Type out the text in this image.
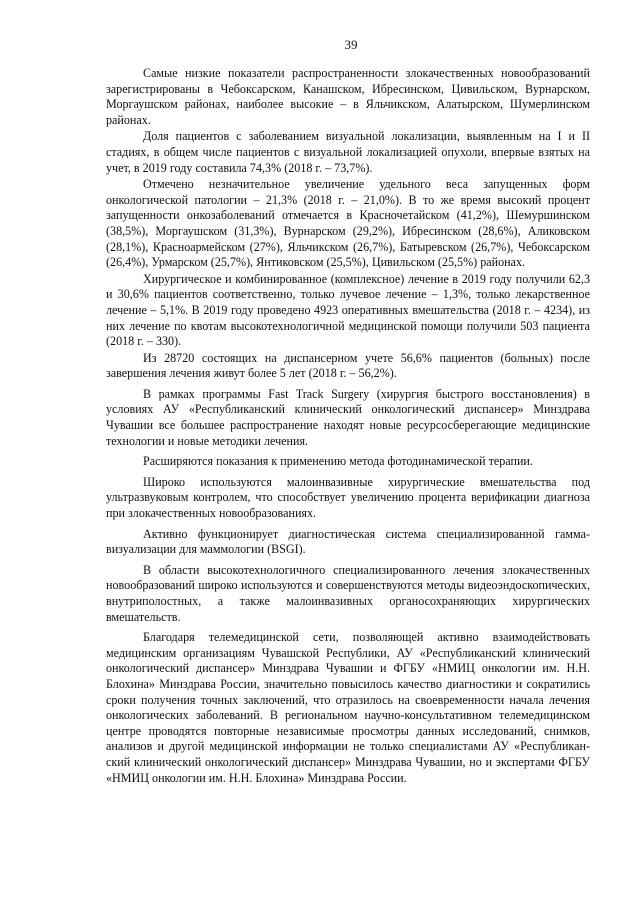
39

Самые низкие показатели распространенности злокачественных новообразований зарегистрированы в Чебоксарском, Канашском, Ибресинском, Цивильском, Вурнарском, Моргаушском районах, наиболее высокие – в Яльчикском, Алатырском, Шумерлинском районах.

Доля пациентов с заболеванием визуальной локализации, выявленным на I и II стадиях, в общем числе пациентов с визуальной локализацией опухоли, впервые взятых на учет, в 2019 году составила 74,3% (2018 г. – 73,7%).

Отмечено незначительное увеличение удельного веса запущенных форм онкологической патологии – 21,3% (2018 г. – 21,0%). В то же время высокий процент запущенности онкозаболеваний отмечается в Красночетайском (41,2%), Шемуршинском (38,5%), Моргаушском (31,3%), Вурнарском (29,2%), Ибресинском (28,6%), Аликовском (28,1%), Красноармейском (27%), Яльчикском (26,7%), Батыревском (26,7%), Чебоксарском (26,4%), Урмарском (25,7%), Янтиковском (25,5%), Цивильском (25,5%) районах.

Хирургическое и комбинированное (комплексное) лечение в 2019 году получили 62,3 и 30,6% пациентов соответственно, только лучевое лечение – 1,3%, только лекарственное лечение – 5,1%. В 2019 году проведено 4923 оперативных вмешательства (2018 г. – 4234), из них лечение по квотам высокотехнологичной медицинской помощи получили 503 пациента (2018 г. – 330).

Из 28720 состоящих на диспансерном учете 56,6% пациентов (больных) после завершения лечения живут более 5 лет (2018 г. – 56,2%).

В рамках программы Fast Track Surgery (хирургия быстрого восстановления) в условиях АУ «Республиканский клинический онкологический диспансер» Минздрава Чувашии все большее распространение находят новые ресурсосберегающие медицинские технологии и новые методики лечения.

Расширяются показания к применению метода фотодинамической терапии.

Широко используются малоинвазивные хирургические вмешательства под ультразвуковым контролем, что способствует увеличению процента верификации диагноза при злокачественных новообразованиях.

Активно функционирует диагностическая система специализированной гамма-визуализации для маммологии (BSGI).

В области высокотехнологичного специализированного лечения злокачественных новообразований широко используются и совершенствуются методы видеоэндоскопических, внутриполостных, а также малоинвазивных органосохраняющих хирургических вмешательств.

Благодаря телемедицинской сети, позволяющей активно взаимодействовать медицинским организациям Чувашской Республики, АУ «Республиканский клинический онкологический диспансер» Минздрава Чувашии и ФГБУ «НМИЦ онкологии им. Н.Н. Блохина» Минздрава России, значительно повысилось качество диагностики и сократились сроки получения точных заключений, что отразилось на своевременности начала лечения онкологических заболеваний. В региональном научно-консультативном телемедицинском центре проводятся повторные независимые просмотры данных исследований, снимков, анализов и другой медицинской информации не только специалистами АУ «Республиканский клинический онкологический диспансер» Минздрава Чувашии, но и экспертами ФГБУ «НМИЦ онкологии им. Н.Н. Блохина» Минздрава России.
